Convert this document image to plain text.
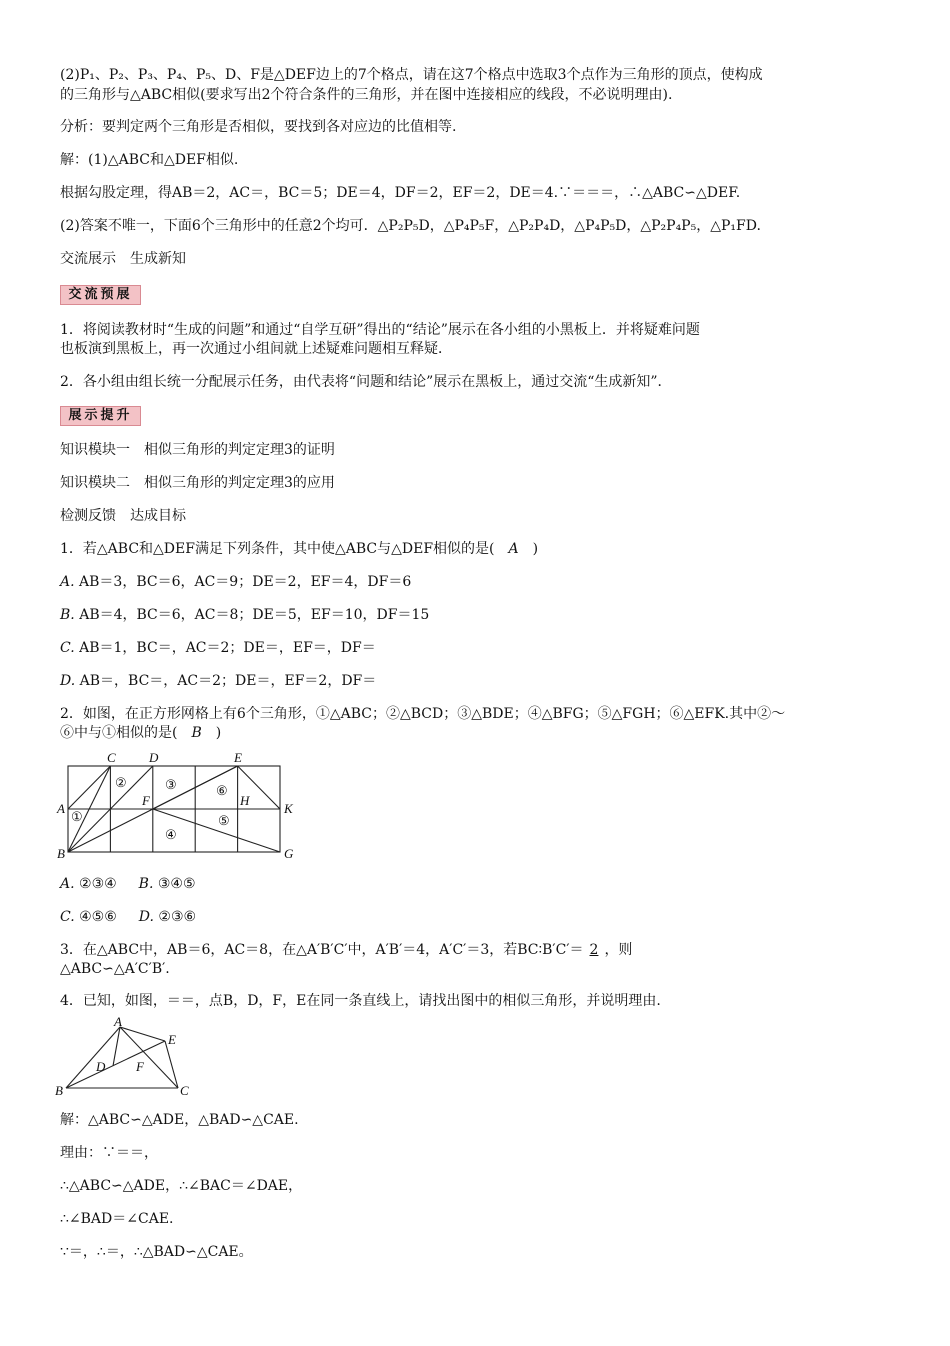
(2)P₁、P₂、P₃、P₄、P₅、D、F是△DEF边上的7个格点，请在这7个格点中选取3个点作为三角形的顶点，使构成
的三角形与△ABC相似(要求写出2个符合条件的三角形，并在图中连接相应的线段，不必说明理由).
分析：要判定两个三角形是否相似，要找到各对应边的比值相等.
解：(1)△ABC和△DEF相似.
根据勾股定理，得AB＝2，AC＝，BC＝5；DE＝4，DF＝2，EF＝2，DE＝4.∵＝＝＝，∴△ABC∽△DEF.
(2)答案不唯一，下面6个三角形中的任意2个均可．△P₂P₅D，△P₄P₅F，△P₂P₄D，△P₄P₅D，△P₂P₄P₅，△P₁FD.
交流展示　生成新知
交流预展
1．将阅读教材时“生成的问题”和通过“自学互研”得出的“结论”展示在各小组的小黑板上．并将疑难问题
也板演到黑板上，再一次通过小组间就上述疑难问题相互释疑．
2．各小组由组长统一分配展示任务，由代表将“问题和结论”展示在黑板上，通过交流“生成新知”．
展示提升
知识模块一　相似三角形的判定定理3的证明
知识模块二　相似三角形的判定定理3的应用
检测反馈　达成目标
1．若△ABC和△DEF满足下列条件，其中使△ABC与△DEF相似的是( A )
A. AB＝3，BC＝6，AC＝9；DE＝2，EF＝4，DF＝6
B. AB＝4，BC＝6，AC＝8；DE＝5，EF＝10，DF＝15
C. AB＝1，BC＝，AC＝2；DE＝，EF＝，DF＝
D. AB＝，BC＝，AC＝2；DE＝，EF＝2，DF＝
2．如图，在正方形网格上有6个三角形，①△ABC；②△BCD；③△BDE；④△BFG；⑤△FGH；⑥△EFK.其中②～
⑥中与①相似的是( B )
C	D	E
A
F	H
K
B	G
①
②	③	⑥
④
⑤
A. ②③④ B. ③④⑤
C. ④⑤⑥ D. ②③⑥
3．在△ABC中，AB＝6，AC＝8，在△A′B′C′中，A′B′＝4，A′C′＝3，若BC∶B′C′＝ 2 ，则
△ABC∽△A′C′B′.
4．已知，如图，＝＝，点B，D，F，E在同一条直线上，请找出图中的相似三角形，并说明理由.
A
E
D F
B	C
解：△ABC∽△ADE，△BAD∽△CAE.
理由：∵＝＝，
∴△ABC∽△ADE，∴∠BAC＝∠DAE，
∴∠BAD＝∠CAE.
∵＝，∴＝，∴△BAD∽△CAE。
